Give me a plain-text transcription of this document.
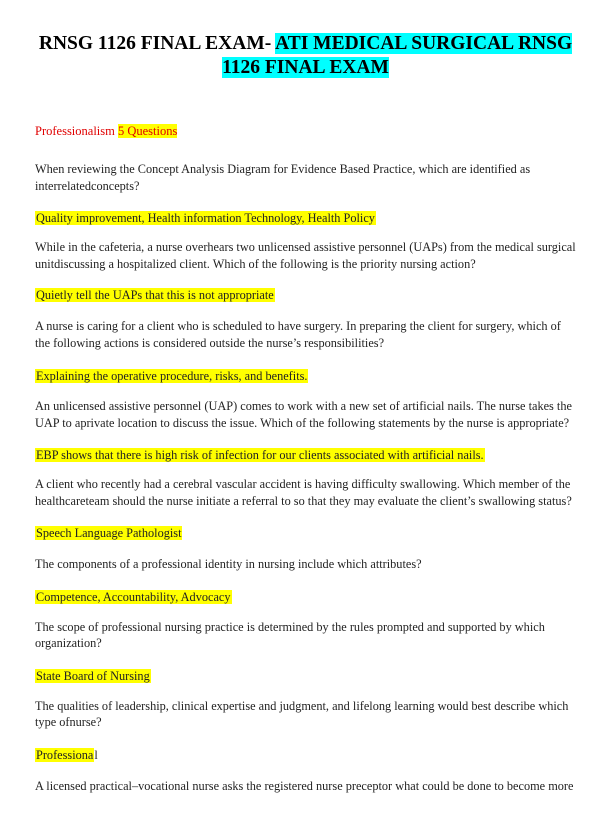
RNSG 1126 FINAL EXAM- ATI MEDICAL SURGICAL RNSG 1126 FINAL EXAM

Professionalism 5 Questions

When reviewing the Concept Analysis Diagram for Evidence Based Practice, which are identified as interrelatedconcepts?

Quality improvement, Health information Technology, Health Policy

While in the cafeteria, a nurse overhears two unlicensed assistive personnel (UAPs) from the medical surgical unitdiscussing a hospitalized client. Which of the following is the priority nursing action?

Quietly tell the UAPs that this is not appropriate

A nurse is caring for a client who is scheduled to have surgery. In preparing the client for surgery, which of the following actions is considered outside the nurse’s responsibilities?

Explaining the operative procedure, risks, and benefits.

An unlicensed assistive personnel (UAP) comes to work with a new set of artificial nails. The nurse takes the UAP to aprivate location to discuss the issue. Which of the following statements by the nurse is appropriate?

EBP shows that there is high risk of infection for our clients associated with artificial nails.

A client who recently had a cerebral vascular accident is having difficulty swallowing. Which member of the healthcareteam should the nurse initiate a referral to so that they may evaluate the client’s swallowing status?

Speech Language Pathologist

The components of a professional identity in nursing include which attributes?

Competence, Accountability, Advocacy

The scope of professional nursing practice is determined by the rules prompted and supported by which organization?

State Board of Nursing

The qualities of leadership, clinical expertise and judgment, and lifelong learning would best describe which type ofnurse?

Professional

A licensed practical–vocational nurse asks the registered nurse preceptor what could be done to become more
